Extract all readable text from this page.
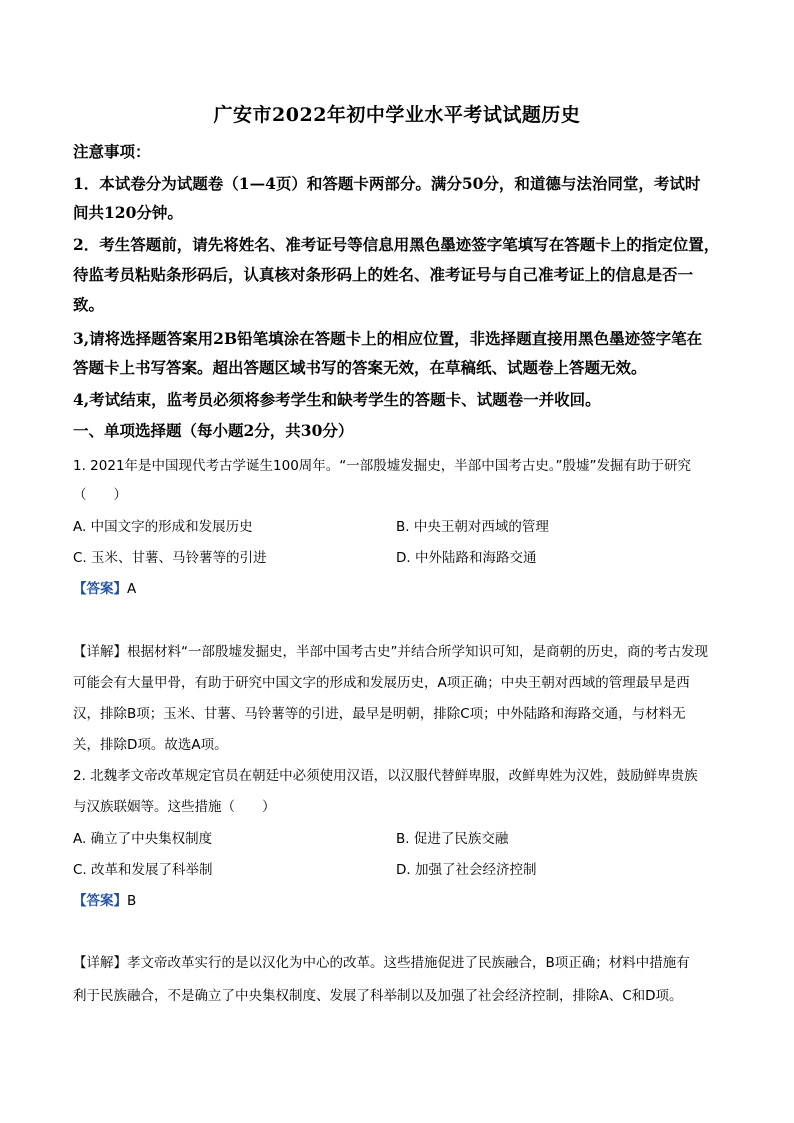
广安市2022年初中学业水平考试试题历史
注意事项：
1．本试卷分为试题卷（1—4页）和答题卡两部分。满分50分，和道德与法治同堂，考试时
间共120分钟。
2．考生答题前，请先将姓名、准考证号等信息用黑色墨迹签字笔填写在答题卡上的指定位置，
待监考员粘贴条形码后，认真核对条形码上的姓名、准考证号与自己准考证上的信息是否一
致。
3,请将选择题答案用2B铅笔填涂在答题卡上的相应位置，非选择题直接用黑色墨迹签字笔在
答题卡上书写答案。超出答题区域书写的答案无效，在草稿纸、试题卷上答题无效。
4,考试结束，监考员必须将参考学生和缺考学生的答题卡、试题卷一并收回。
一、单项选择题（每小题2分，共30分）
1. 2021年是中国现代考古学诞生100周年。“一部殷墟发掘史，半部中国考古史。”殷墟”发掘有助于研究
（　　）
A. 中国文字的形成和发展历史	B. 中央王朝对西域的管理
C. 玉米、甘薯、马铃薯等的引进	D. 中外陆路和海路交通
【答案】A
【详解】根据材料“一部殷墟发掘史，半部中国考古史”并结合所学知识可知，是商朝的历史，商的考古发现
可能会有大量甲骨，有助于研究中国文字的形成和发展历史，A项正确；中央王朝对西域的管理最早是西
汉，排除B项；玉米、甘薯、马铃薯等的引进，最早是明朝，排除C项；中外陆路和海路交通，与材料无
关，排除D项。故选A项。
2. 北魏孝文帝改革规定官员在朝廷中必须使用汉语，以汉服代替鲜卑服，改鲜卑姓为汉姓，鼓励鲜卑贵族
与汉族联姻等。这些措施（　　）
A. 确立了中央集权制度	B. 促进了民族交融
C. 改革和发展了科举制	D. 加强了社会经济控制
【答案】B
【详解】孝文帝改革实行的是以汉化为中心的改革。这些措施促进了民族融合，B项正确；材料中措施有
利于民族融合，不是确立了中央集权制度、发展了科举制以及加强了社会经济控制，排除A、C和D项。
